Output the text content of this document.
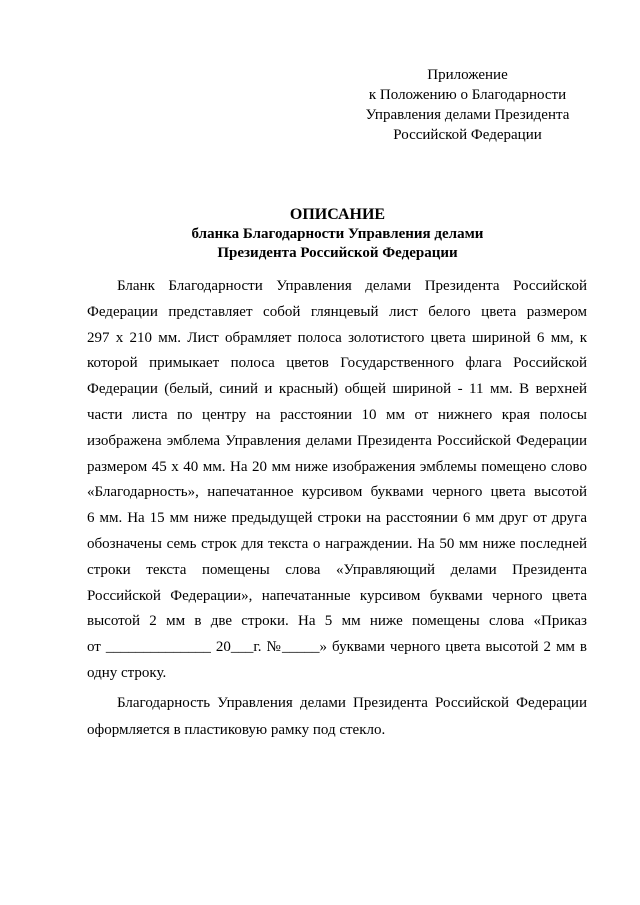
Приложение
к Положению о Благодарности
Управления делами Президента
Российской Федерации
ОПИСАНИЕ
бланка Благодарности Управления делами
Президента Российской Федерации
Бланк Благодарности Управления делами Президента Российской
Федерации представляет собой глянцевый лист белого цвета размером
297 х 210 мм. Лист обрамляет полоса золотистого цвета шириной 6 мм, к
которой примыкает полоса цветов Государственного флага Российской
Федерации (белый, синий и красный) общей шириной - 11 мм. В верхней
части листа по центру на расстоянии 10 мм от нижнего края полосы
изображена эмблема Управления делами Президента Российской Федерации
размером 45 х 40 мм. На 20 мм ниже изображения эмблемы помещено слово
«Благодарность», напечатанное курсивом буквами черного цвета высотой
6 мм. На 15 мм ниже предыдущей строки на расстоянии 6 мм друг от друга
обозначены семь строк для текста о награждении. На 50 мм ниже последней
строки текста помещены слова «Управляющий делами Президента
Российской Федерации», напечатанные курсивом буквами черного цвета
высотой 2 мм в две строки. На 5 мм ниже помещены слова «Приказ
от ______________ 20___г. №_____» буквами черного цвета высотой 2 мм в
одну строку.
Благодарность Управления делами Президента Российской Федерации
оформляется в пластиковую рамку под стекло.
